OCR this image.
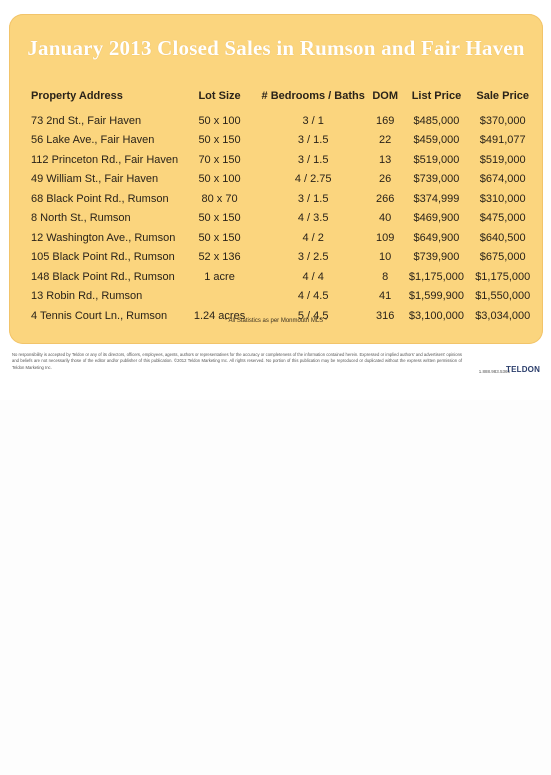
January 2013 Closed Sales in Rumson and Fair Haven
Property Address	Lot Size	# Bedrooms / Baths	DOM	List Price	Sale Price
73 2nd St., Fair Haven	50 x 100	3 / 1	169	$485,000	$370,000
56 Lake Ave., Fair Haven	50 x 150	3 / 1.5	22	$459,000	$491,077
112 Princeton Rd., Fair Haven	70 x 150	3 / 1.5	13	$519,000	$519,000
49 William St., Fair Haven	50 x 100	4 / 2.75	26	$739,000	$674,000
68 Black Point Rd., Rumson	80 x 70	3 / 1.5	266	$374,999	$310,000
8 North St., Rumson	50 x 150	4 / 3.5	40	$469,900	$475,000
12 Washington Ave., Rumson	50 x 150	4 / 2	109	$649,900	$640,500
105 Black Point Rd., Rumson	52 x 136	3 / 2.5	10	$739,900	$675,000
148 Black Point Rd., Rumson	1 acre	4 / 4	8	$1,175,000	$1,175,000
13 Robin Rd., Rumson		4 / 4.5	41	$1,599,900	$1,550,000
4 Tennis Court Ln., Rumson	1.24 acres	5 / 4.5	316	$3,100,000	$3,034,000
* All Statistics as per Monmouth MLS *
No responsibility is accepted by Teldon or any of its directors, officers, employees, agents, authors or representatives for the accuracy or completeness of the information contained herein. Expressed or implied authors' and advertisers' opinions and beliefs are not necessarily those of the editor and/or publisher of this publication. ©2012 Teldon Marketing Inc. All rights reserved. No portion of this publication may be reproduced or duplicated without the express written permission of Teldon Marketing Inc.
1.888.983.5366
TELDON
